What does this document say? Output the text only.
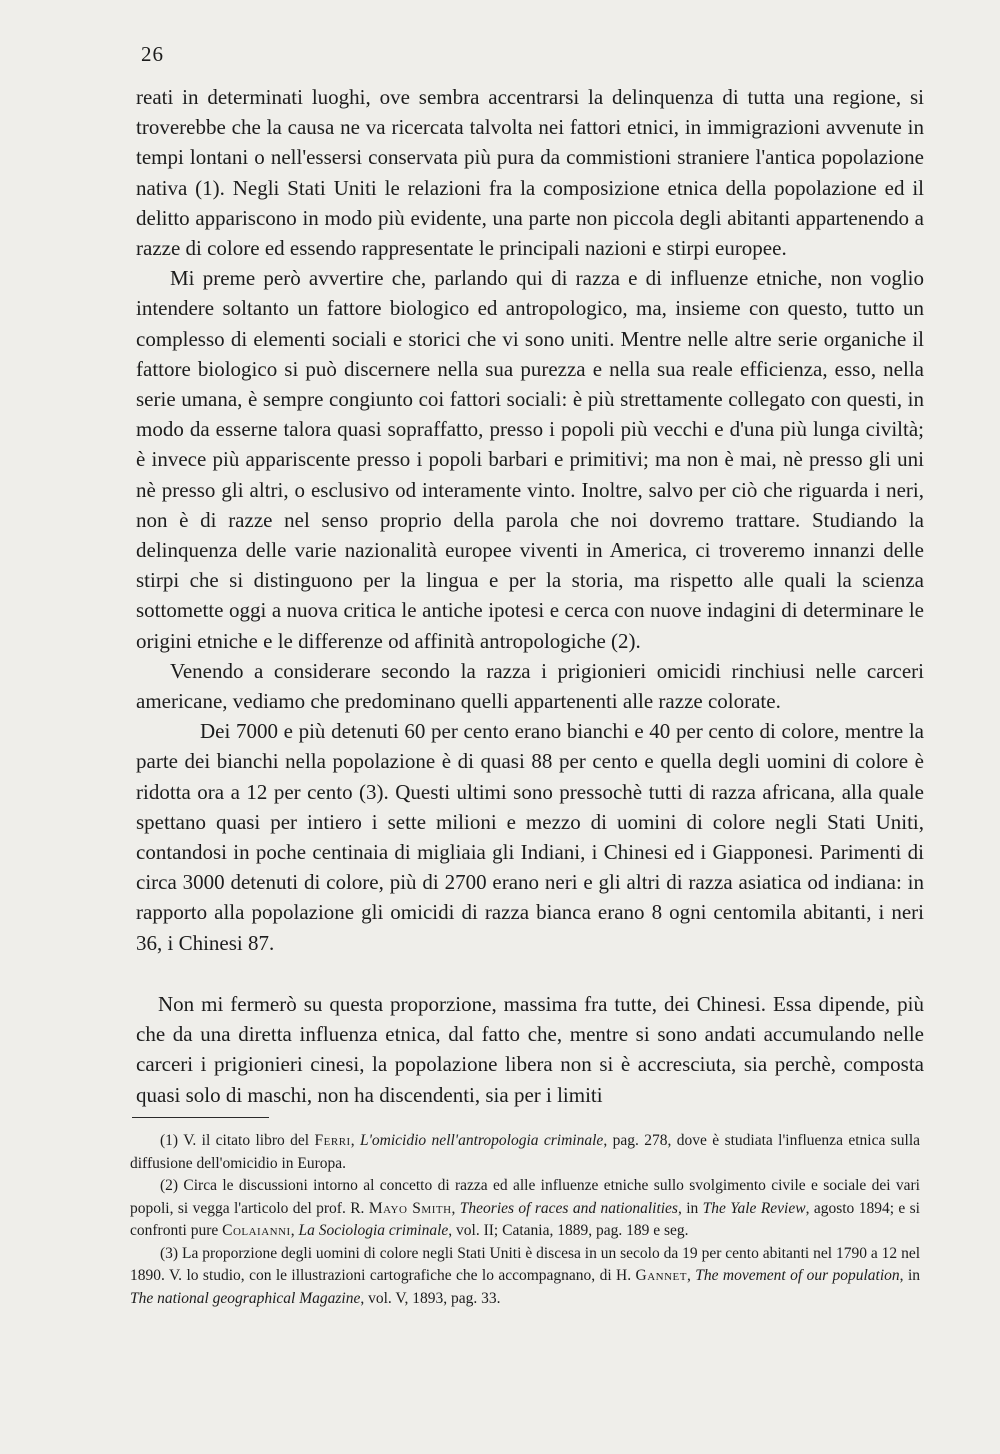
26

reati in determinati luoghi, ove sembra accentrarsi la delinquenza di tutta una regione, si troverebbe che la causa ne va ricercata talvolta nei fattori etnici, in immigrazioni avvenute in tempi lontani o nell'essersi conservata più pura da commistioni straniere l'antica popolazione nativa (1). Negli Stati Uniti le relazioni fra la composizione etnica della popolazione ed il delitto appariscono in modo più evidente, una parte non piccola degli abitanti appartenendo a razze di colore ed essendo rappresentate le principali nazioni e stirpi europee.

Mi preme però avvertire che, parlando qui di razza e di influenze etniche, non voglio intendere soltanto un fattore biologico ed antropologico, ma, insieme con questo, tutto un complesso di elementi sociali e storici che vi sono uniti. Mentre nelle altre serie organiche il fattore biologico si può discernere nella sua purezza e nella sua reale efficienza, esso, nella serie umana, è sempre congiunto coi fattori sociali: è più strettamente collegato con questi, in modo da esserne talora quasi sopraffatto, presso i popoli più vecchi e d'una più lunga civiltà; è invece più appariscente presso i popoli barbari e primitivi; ma non è mai, nè presso gli uni nè presso gli altri, o esclusivo od interamente vinto. Inoltre, salvo per ciò che riguarda i neri, non è di razze nel senso proprio della parola che noi dovremo trattare. Studiando la delinquenza delle varie nazionalità europee viventi in America, ci troveremo innanzi delle stirpi che si distinguono per la lingua e per la storia, ma rispetto alle quali la scienza sottomette oggi a nuova critica le antiche ipotesi e cerca con nuove indagini di determinare le origini etniche e le differenze od affinità antropologiche (2).

Venendo a considerare secondo la razza i prigionieri omicidi rinchiusi nelle carceri americane, vediamo che predominano quelli appartenenti alle razze colorate.

Dei 7000 e più detenuti 60 per cento erano bianchi e 40 per cento di colore, mentre la parte dei bianchi nella popolazione è di quasi 88 per cento e quella degli uomini di colore è ridotta ora a 12 per cento (3). Questi ultimi sono pressochè tutti di razza africana, alla quale spettano quasi per intiero i sette milioni e mezzo di uomini di colore negli Stati Uniti, contandosi in poche centinaia di migliaia gli Indiani, i Chinesi ed i Giapponesi. Parimenti di circa 3000 detenuti di colore, più di 2700 erano neri e gli altri di razza asiatica od indiana: in rapporto alla popolazione gli omicidi di razza bianca erano 8 ogni centomila abitanti, i neri 36, i Chinesi 87.

Non mi fermerò su questa proporzione, massima fra tutte, dei Chinesi. Essa dipende, più che da una diretta influenza etnica, dal fatto che, mentre si sono andati accumulando nelle carceri i prigionieri cinesi, la popolazione libera non si è accresciuta, sia perchè, composta quasi solo di maschi, non ha discendenti, sia per i limiti

(1) V. il citato libro del Ferri, L'omicidio nell'antropologia criminale, pag. 278, dove è studiata l'influenza etnica sulla diffusione dell'omicidio in Europa.

(2) Circa le discussioni intorno al concetto di razza ed alle influenze etniche sullo svolgimento civile e sociale dei vari popoli, si vegga l'articolo del prof. R. Mayo Smith, Theories of races and nationalities, in The Yale Review, agosto 1894; e si confronti pure Colaianni, La Sociologia criminale, vol. II; Catania, 1889, pag. 189 e seg.

(3) La proporzione degli uomini di colore negli Stati Uniti è discesa in un secolo da 19 per cento abitanti nel 1790 a 12 nel 1890. V. lo studio, con le illustrazioni cartografiche che lo accompagnano, di H. Gannet, The movement of our population, in The national geographical Magazine, vol. V, 1893, pag. 33.
